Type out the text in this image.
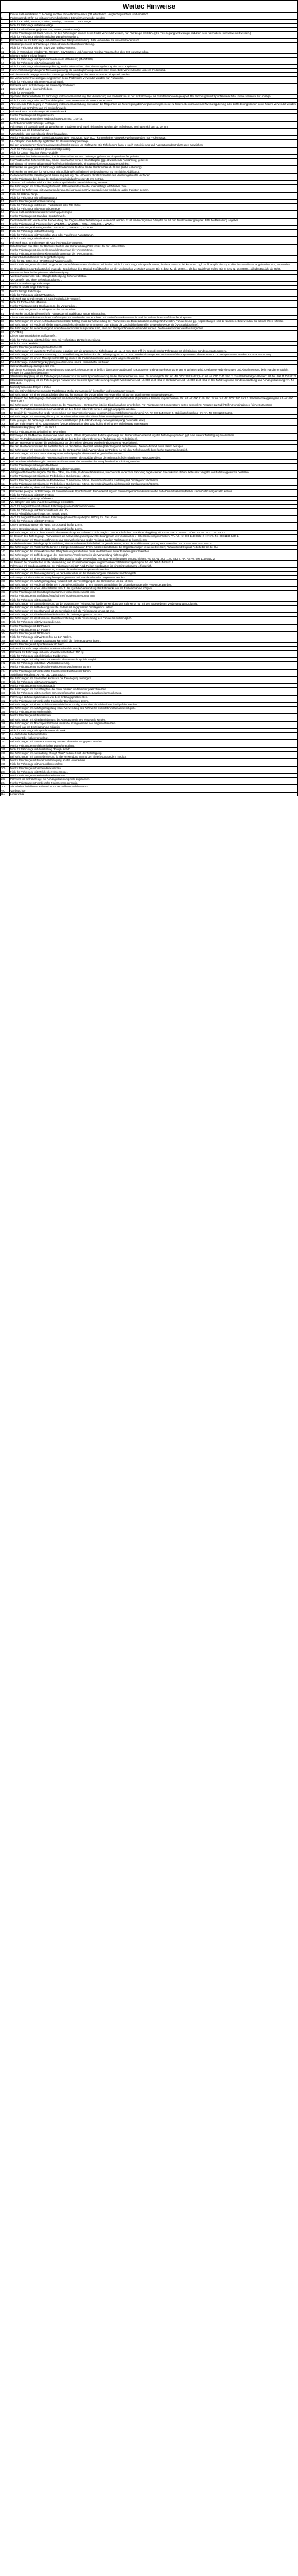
Weitec Hinweise
1	Dieser Satz enthält kein TÜV-Teilegutachten. Eine Abnahme nach §21 erforderlich. Vergleichsgutachten sind erhältlich.
2	Federnsatz dient für nur mit ausreichend gekürzten Dämpfern verwendet werden.
3	Nicht für Kombi-, Variant-, Turnier-, Touring-, Caravan-, ... Fahrzeuge.
4	Nicht für Fahrzeuge mit Klimaanlage.
5	Nicht für Allradfahrzeuge (4WD, 4x4, 4Matic, 4Motion usw.)
6	Nur für Fahrzeuge mit Stahl-Achsen. An den Fahrzeugen können keine Feder verwendet werden, nur Fahrzeuge mit Stahl. (Die Tieferlegung wird weniger reduziert sein, wenn diese hier verwendet werden.)
7	Nicht für Fahrzeuge mit elektronischer Dämpfereinstellung.
8	Fahrwerke nur für Fahrzeuge mit elektronischer Dämpfereinstellung. Bitte verwenden Sie unseren Federnsatz.
9	Stoßdämpfer nicht für Fahrzeuge mit elektronischer Dämpfereinstellung.
10	Nicht für Fahrzeuge mit V6 / 26V / 24V und 6G-Motoren.
11	Nicht in Verbindung mit den TDI, TDI 20V / 24V Motoren und / oder mit Achslast Vorderachse über 900 kg verwendbar.
12	Bitte um weitere Info anfragen.
13	Nicht für Fahrzeuge mit Sport-Fahrwerk oder Luftfederung (4MOTION).
14	Nicht für Fahrzeuge mit Audi magnetic ride.
15	Nicht für Fahrzeuge mit Niveauregulierung an der Hinterachse. Eine Niveauregulierung wird nicht angeboten.
16	Nur in Verbindung mit eigener Niveauregulierung, die nachträglich eingebaut werden muss. Bitte verwenden Sie unseren Federnsatz.
17	Bei diesem Fahrzeugtyp muss das Fahrzeug (Tieferlegung) an der Hinterachse neu eingestellt werden.
18	Bei vorhandener Niveauregulierung können keine Federsätze verwendet werden, nur Fahrwerke.
19	Nicht für Fahrzeuge mit Serien-Sportfahrwerk.
20	Fahrwerk nicht für Fahrzeuge mit Serien-Sportfahrwerk.
21	Satz enthält nur 2 Hinterachsfedern.
22	Nicht für V6-Modelle.
23	Spezielle Vorderachsfeder für Fahrzeuge mit Sonderausstattung. Die Verwendung von Federsätzen ist nur für Fahrzeuge mit Standardfahrwerk geeignet. Bei Fahrzeugen mit Sportfahrwerk bitte unsere Hinweise zur Anfrage.
24	Nicht für Fahrzeuge mit Gas/Öl Stoßdämpfern. Bitte verwenden Sie unsere Federsätze.
25	Abweichende Tieferlegung in Verbindung mit Sonderausstattung. Sie haben die Möglichkeit die Tieferlegung den Vorgaben entsprechend zu ändern. Bei vorhandener Niveauregulierung oder Luftfederung können keine Federn verwendet werden.
26	Fahrwerk nur für Fahrzeuge mit Serienfahrwerk.
27	Fahrwerk nicht für Fahrzeuge mit Sportfahrwerk.
28	Nur für Fahrzeuge mit Originalfedern.
29	Nur für Fahrzeuge mit einer Vorderachslast von max. 1100 kg.
30	Lieferbar nur nach vorheriger Anfrage.
31	Fahrzeuge mit Sportfahrwerk ab Werk können mit diesem Fahrwerk tiefergelegt werden, die Tieferlegung verringert sich um ca. 10 mm.
32	Fahrwerk nur mit Einzelabnahme.
33	VW-Modelle sind nur zulässig ohne Klimaanlage.
34	Nur für Fahrzeuge mit den Sportsitzausstattungen "SVCA/CB, TZD, DC0" können keine Fahrwerke verbaut werden, nur Federnsätze.
35	VA-Dämpfer ohne Befestigungsbolzen für Stabilisatorkoppelstange.
36	Bei den angegebenen Tieferlegungswerten handelt es sich um Richtwerte. Die Tieferlegung kann je nach Motorisierung und Ausstattung des Fahrzeuges abweichen.
37	Auch für Fahrzeuge mit DSG (Direktschaltgetriebe).
38	Nicht für CTI/GTI/GLI/ETS/DSG-Modelle.
39	Nur Vorderachse höhenverstellbar, für die Hinterachse werden Tieferlegungsfedern und Sportdämpfer geliefert.
40	Nur Vorderachse höhenverstellbar, für die Hinterachse werden Sportdämpfer (ggf. abweichende Ausführung) geliefert.
41	Bei Einbau mit serienmäßigen Rad-/Reifenkombinationen wird ein Spurverbreiterungssatz empfohlen.
42	Fahrwerke nur geeignet für Fahrzeuge mit Federbeinaufnahme an der Vorderachse ab 45 mm (siehe Abbildung).
43	Fahrwerke nur geeignet für Fahrzeuge mit Stoßdämpferaufnahme / Vorderachse von 51 mm (siehe Abbildung).
44	Geänderter Satz für Fahrzeuge mit Niveauregulierung. Die Höhe wird durch Einstellen des Niveauregelventils verändert.
45	Nur für Fahrzeuge, bei denen der Stoßdämpferhalsdurchmesser 45 mm beträgt.
46	Die max. zul. Achslast wird auf dem Fahrzeugschein der Lasterleichterung vermerkt.
47	Bei Fahrzeugen mit Schlechtwegefahrwerk: Bitte verwenden Sie die unter Anfrage erhältlichen Teile.
48	Fahrwerk für Fahrzeuge mit Niveauregulierung. Bei vorhandener Niveauregulierung wird diese außer Funktion gesetzt.
49	Nicht für Cabrio / Targa.
50	Nicht für Fahrzeuge mit Vollausstattung.
51	Nur für Fahrzeuge mit Vollausstattung.
52	Nicht für Fahrzeuge mit Diesel-, Turbodiesel oder TDI-Motor.
53	Nicht für Fahrzeuge mit Automatikgetriebe.
54	Dieser Satz enthält keine verstärkten Koppelstangen.
55	Nur für Fahrzeuge mit Standard-Sportfahrwerk.
56	Der Fahrwerkssatz wurde unter Beibehaltung des Original-Dämpferhalteringes verwendet werden. Er ist für die originalen Dämpfer mit 50 mm Durchmesser geeignet. Bitte bei Bestellung angeben.
57	Nur für Fahrzeuge ab Fahrgestellnr.: WV1ZZZ..., WV2ZZZ..., W0L..., W0L000..., WVW...
58	Nur für Fahrzeuge ab Fahrgestellnr.: 7000001 ..., 7000000 ..., 7000001 ...
59	Nicht für Fahrzeuge mit Luftfederung.
60	Nicht für Fahrzeuge mit "Schlechte Weg oder Fun-/Cross-Ausstattung".
61	Nicht für Fahrzeuge mit Allradantrieb.
62	Fahrwerk nicht für Fahrzeuge mit ABS (Anti-Blockier-System).
63	Bitte beachten Sie, dass der Radausschnitt an der Vorderachse größer ist als der der Hinterachse.
64	Nur für Fahrzeuge mit einem Kleinmodulmotoren an der VA von 50mm.
65	Nur für Fahrzeuge mit einem Kleinmodulmotoren an der VA von 55mm.
66	Hinterachs-Stoßdämpfer mit Auge/Befestigung.
67	Nicht für GL, GRM, GLI, GR/GRI und Wagenmodelle.
68	Nur für Fahrzeuge mit ab Fabrik eingebauter Serienfahrwerks-Rad-/Reifen-Kombination. Nicht für Fahrzeuge mit Sportfahrwerk, da diese sonst zu tief kommen. Ggf. Stoßdämpfer des Typs, die über Stabilisator angebunden sind, verwenden.
69	Im Grenzbereich der Belastbarkeit muss die Beschriftung des Original-Stoßdämpfers an der Vorderachse verändert werden: Die D. bzw. M. ab 10000 ... gilt das Baujahr ab 05/95. Die E. bzw. N. ab 10000 ... gilt das Baujahr ab 06/96.
70	Nur mit Vorderachsdämpfer mit Gabelbefestigung.
71	Vorderachsfederteller oder Dämpferbefestigung höhenverstellbar.
72	VA-Dämpfer sind ohne Befestigungsflansch.
73	Nur für 3- und 5-türige Fahrzeuge.
74	Nur für 4- und 5-türige Fahrzeuge.
75	Nur für 5türige Fahrzeuge.
76	Nicht für Fahrzeuge mit SZV-Motoren.
77	Fahrwerk nur für Fahrzeuge mit ABS (Anti-Blockier-System).
78	Nicht für Turbo- / DSL-Motoren.
79	Nur für Fahrzeuge mit 2 Domlagern an der Vorderachse.
80	Nur für Fahrzeuge mit 4 Domlagern an der Vorderachse.
81	Fahrwerke (Stoßdämpfer) nicht für Fahrzeuge mit Stabilisator an der Hinterachse.
82	Dieser Satz enthält keine vorderen Stoßdämpfer. Es werden die Vorderachsen mit Serienfahrwerk verwendet und die vorhandenen Stoßdämpfer eingesetzt.
83	Bei Fahrzeugen mit einem Achslastunterschied über 100 kg muss zur Verwendung der Fahrwerke eine Einzelabnahme durchgeführt werden. Fahrwerk und ggf. Koppelstangen sind zu tauschen. Bitte wenden Sie sich an Ihren Händler.
84	Bei Fahrzeugen mit Vorderachsfederträger/Dämpferkombination 47mm müssen zum Einbau die Originaldomlagerteller verwendet werden (TÜV-Einzelabnahme).
85	Bei Fahrzeugen die serienmäßig mit einem Niveaudämpfer ausgestattet sind, kann nur das Sportfahrwerk verwendet werden. Die Niveaudämpfer werden ausgebaut.
86	(VARTEC)
87	Dieser Satz enthält keine Stoßdämpfer.
88	Nicht für Fahrzeuge mit Modelljahr 2004 mit verfestigten 16" Serienbereifung.
89	Nicht für "SVR" Modelle.
90	Nur für Fahrzeuge mit kompletten Federsatz.
91	Bei Fahrzeugen mit erweiterter Tieferlegung reduziert sich die angegebene Tieferlegung um ca. 10 mm. Dies trifft im besonderen für Fahrzeuge mit elektrischen Sonderausstattungen zu.
92	Bei Fahrzeugen mit Sonderausstattung, z.B. Standheizung, reduziert sich die Tieferlegung um ca. 10 mm. Sonderfahrzeuge wie Behindertenfahrzeuge müssen die Federn vor Ort nachgemessen werden. Erhöhte Ausführung.
93	Bei Fahrzeugen mit einem Motorgewicht >300 kg können die Federn hinten und auch vorne abgesenkt werden.
94	Die Fahrzeuge (mit Anhängerkupplung) werden vorne um ca. 10 mm tiefer als hinten.
95	Satz umfasst Koppelstangen 420 mm.
96	Bei dieser Kombination ist die Verwendung von Spurverbreiterungen erforderlich, damit der Radabstand zu Karosserie und Fahrwerkskomponenten eingehalten wird. Geeignete Verbreiterungen und Abnahmen sind beim Händler erhältlich. Hinweis im Gutachten beachten!
97	Stabilisator-Kopplung ist am Tieferlegungs-Fahrwerk nur mit einer Spurverbreiterung an der Vorderachse von mind. 20 mm möglich: SA: Art.-Nr. 000 1140 Satz 2; HA: Art.-Nr. 000 1140 Satz 2. Zusatzliche Felgen / Reifen: Art.-Nr. 000 1140 Satz 2.
98	Stabilisator-Kopplung ist am Tieferlegungs-Fahrwerk nur mit einer Spurverbreiterung möglich: Vorderachse: Art.-Nr. 000 1140 Satz 2; Hinterachse: Art.-Nr. 000 1140 Satz 2. Bei Fahrzeugen mit Sonderausstattung und Anhängerkupplung: Art.-Nr. 000 1140.
99	Nur mit passenden Felgen / Reifen.
100	Bei einer Einzelabnahme muss der Radabstand (Felge zu Karosserie) kontrolliert und eingetragen werden.
101	Bei Fahrzeugen mit einer Vorderachslast über 950 kg muss an der Vorderachse ein Federteller mit 60 mm Durchmesser verwendet werden.
102	Im Bereich des Tieferlegungs-Fahrwerks ist die Verwendung von Spurverbreiterungen an der Vorderachse (Spurweite + 20 mm) vorgeschrieben: VA: Art.-Nr. 000 1140 Satz 2 / HA: Art.-Nr. 000 1140 Satz 2. Stabilisator-Kopplung mit Art.-Nr. 000 1140 Satz 2.
103	Bei Fahrzeugen mit Spurverbreiterungen an der Vorderachse / Hinterachse ist eine Einzelabnahme erforderlich. Für Fahrzeuge mit Sonderrädern gelten gesonderte Angaben zu Rad-/Reifen-Kombinationen (siehe Gutachten).
104	Bei den VA-Federn müssen die Lochabstände an den Tellern überprüft werden und ggf. angepasst werden.
105	Im Bereich der Vorderachse ist die Verwendung von Spurverbreiterungen vorgeschrieben: Stabilisatorkopplung mit Art.-Nr. 000 1140 Satz 2, Stabilisatorkopplung HA: Art.-Nr. 000 1140 Satz 2.
106	Bei Fahrzeugen mit Niveauregulierung an der Hinterachse muss der Niveaufühler neu eingestellt werden.
107	Nicht geeignet für Fahrzeuge mit schweren Ausstattungen (z.B. Standheizung, Anhängerkupplung, Automatik usw.).
108	Bei den Fahrzeugen mit G, 6062-Motoren (Vorderachsgewicht über 1150 kg) ist eine höhere Tieferlegung zu erwarten.
109	Stabilisator-Kopplung: 000 1140 Satz 2.
110	Nur für Fahrzeuge mit zylindrischen HA-Federn.
111	Fahrzeuge mit V6-Motoren haben vorne einen um ca. 20mm abgesenkten Fahrzeugschwerpunkt. Daher ist bei Verwendung der Tieferlegungsfedern ggf. eine höhere Tieferlegung zu erwarten.
112	Bei den VA-Federn müssen die Lochabstände an den Tellern überprüft werden (Fahrzeuge mit Federbeinen).
113	Bei den HA-Federn müssen die Lochabstände an den Tellern überprüft werden (Fahrzeuge mit Federbeinen).
114	Bei den HA-Federn müssen die Lochabstände an den Tellern überprüft werden (Fahrzeuge mit Federbeinen). Dieser Abstand muss 10mm betragen.
115	Bei Fahrzeugen mit Spurverbreiterungen an der Hinterachse ist die Verwendung der Federn nur mit den Tieferlegungsfedern (siehe Gutachten) möglich.
116	Bei Fahrzeugen mit ABS muss eine separate Befestigung für die ABS-Kabel geschaffen werden.
117	Bei der Hinterachsfederung im Hinterachsrahmen müssen die Stoßdämpfer an den Hinterachsfedermitnehmern versetzt werden.
118	Bei der Hinterachsfederung im Hinterachsrahmen muss das Verstellen der Dämpferteller berücksichtigt werden.
119	Nur für Fahrzeuge mit langem Radstand.
120	Nur für Fahrzeuge bis 2,3l Diesel oder Turbodiesel-Motoren.
121	Achsgewicht/Gewichtsangabe: Der SA-, GBV-, Six-Stahl-, Rahmenstabilisatoren, welche nicht in der zum Fahrzeug zugelassenen Spezifikation stehen, bitte unter Vorgabe der Fahrzeuggewichte bestellen.
122	Nur für Fahrzeuge mit Hinterachs-Federbeinen Durchmesser 45mm.
123	Nur für Fahrzeuge mit Hinterachs-Federbeinen Durchmesser 50mm. Gewindefahrwerke. Lieferung mit Domlagern 240/250mm.
124	Nur für Fahrzeuge mit Hinterachs-Federbeinen Durchmesser 55mm. Gewindefahrwerke. Lieferung mit Domlagern 240/250mm.
125	Fahrwerk-Lieferung ohne Stabilisatorkoppelstangen.
126	Fahrwerke geeignet für Fahrzeuge mit Serienfahrwerk; Sportfahrwerk. Bei Verwendung von Serien-/Sportfahrwerk müssen die Federbeinaufnahmen (Einbau siehe Gutachten) ersetzt werden.
127	Nicht für Fahrzeuge mit ESP-System.
128	Nur in Verbindung mit Sportfahrwerk.
129	VA-Dämpfer sind nicht in der Gesamtlänge einstellbar.
130	Auch für aufgesetzte und schwere Fahrzeuge (siehe Gutachtenhinweise).
131	Nicht für Fahrzeuge mit Tonnenleisten an der HA.
132	Nur für Allradfahrzeuge (4WD, 4x4, 4Matic usw.).
133	Auch für aufgesetzte und schwere Fahrzeuge (Gewichtsangabe) bis 2800kg zul. Ges.-Gew.
134	Nicht für Fahrzeuge mit ESP-System.
135	Untere Befestigungsöse mit Hülse. Ein Abstandring für 12mm.
136	Untere Befestigungsöse mit Hülse. Ein Abstandring für 14mm.
137	Bei Fahrzeugen mit EDC bzw. EDR ist die Verwendung des Fahrwerks nicht möglich. Vorderachsfedern: Stabilisatorkopplung mit Art.-Nr. 000 1140 Satz 2 / HA: Art.-Nr. 000 1140 Satz 2.
138	Im Bereich des Tieferlegungs-Fahrwerks ist die Verwendung von Spurverbreiterungen an der Vorderachse / Hinterachse vorgeschrieben: VA: Art.-Nr. 000 1140 Satz 2; HA: Art.-Nr. 000 1140 Satz 2.
139	Bei Fahrzeugen mit Motor-Sportfahrwerk und Spurverbreiterung ist der Freigang zu den Radhäusern zu kontrollieren.
140	Um bei maximaler Tieferlegung die Einhaltung der normalen Fahrbahnfreiheit zu gewährleisten, muss die Stabilisator-Kopplung ersetzt werden: VA: Art.-Nr. 000 1140 Satz 2.
141	Bei Fahrzeugen mit Vorderachsfederbein / Dämpferkombination 47mm müssen zum Einbau die Originaldomlager verwendet werden; Fahrwerk mit Original-Federteller an der HA.
142	Bei Fahrzeugen die mit elektronischen Dämpfern ausgestattet sind muss die Elektronik außer Funktion gesetzt werden.
143	Bei Fahrzeugen mit Luftfederung an der Hinterachse / Vorderachse ist die Verwendung nicht möglich.
144	Bei Fahrzeugen mit einer Vorderachslast über 1050 kg ist die Verwendung von Spurverbreiterungen vorgeschrieben: VA: Art.-Nr. 000 1140 Satz 2; HA: Art.-Nr. 000 1140 Satz 2.
145	Im Bereich der Vorderachse ist die Verwendung von Spurverbreiterungen vorgeschrieben: Stabilisatorkopplung mit Art.-Nr. 000 1140 Satz 2.
146	Fahrzeuge mit Sonderausstattung. Bei Fahrzeugen mit 16" Rad-/Reifen-Kombination ist eine Einzelabnahme erforderlich.
147	Bei Fahrzeugen mit Spurverbreiterung müssen die Radschrauben getauscht werden.
148	Bei Fahrzeugen mit Niveauregulierung an der Hinterachse ist die Verwendung des Fahrwerks nicht möglich.
149	Fahrzeuge mit elektronischer Dämpferregelung müssen auf Standarddämpfer umgerüstet werden.
150	Bei Fahrzeugen mit Anhängerkupplung reduziert sich die Tieferlegung an der Hinterachse um ca. 10 mm.
151	Bei Fahrzeugen mit Vorderachsfederbein / Dämpferkombination 47mm müssen zum Einbau die Originaldomlagerteller verwendet werden.
152	Bei Fahrzeugen mit einer Hinterachslast über 1100 kg ist die Verwendung des Fahrwerks nur mit Einzelabnahme möglich.
153	Nur für Fahrzeuge mit Stoßdämpferaufnahme / Vorderachse von 51 mm.
154	Nur für Fahrzeuge mit Stoßdämpferaufnahme / Vorderachse von 55 mm.
155	Nicht für Fahrzeuge mit Sportpaket.
156	Bei Fahrzeugen mit Spurverbreiterung an der Vorderachse / Hinterachse ist die Verwendung des Fahrwerks nur mit den angegebenen Verbreiterungen zulässig.
157	Bei Fahrzeugen mit Luftfederung sind die Federn mit angepassten Domlagern zu liefern.
158	Bei Fahrzeugen mit Sportfahrwerk ab Werk reduziert sich die Tieferlegung um ca. 10 mm.
159	Bei Fahrzeugen mit Allradantrieb reduziert sich die Tieferlegung um ca. 10 mm.
160	Bei Fahrzeugen mit elektronischer Dämpferverstellung ist die Verwendung des Fahrwerks nicht möglich.
161	Nicht für Fahrzeuge mit Niveauregulierung.
162	Nur für Fahrzeuge mit 16" Rädern.
163	Nur für Fahrzeuge mit 17" Rädern.
164	Nur für Fahrzeuge mit 18" Rädern.
165	Nicht für Fahrzeuge mit Winterreifen auf 15" Rädern.
166	Bei Fahrzeugen mit Sonderausstattung kann sich die Tieferlegung verringern.
167	Nur für Fahrzeuge mit Sportfahrwerk ab Werk.
168	Fahrwerk für Fahrzeuge mit einer Vorderachslast bis 1100 kg.
169	Fahrwerk für Fahrzeuge mit einer Vorderachslast über 1100 kg.
170	Nicht für Fahrzeuge mit elektrischer Parkbremse.
171	Bei Fahrzeugen mit adaptivem Fahrwerk ist die Verwendung nicht möglich.
172	Nicht für Fahrzeuge mit aktiver Wankstabilisierung.
173	Nur für Fahrzeuge mit Vorderachs-Federbeinen Durchmesser 50mm.
174	Nur für Fahrzeuge mit Vorderachs-Federbeinen Durchmesser 55mm.
175	Stabilisator-Kopplung: Art.-Nr. 000 1140 Satz 2.
176	Bei Fahrzeugen mit Sportsitzen kann sich die Tieferlegung verringern.
177	Nicht für Fahrzeuge mit Panoramadach.
178	Nur für Fahrzeuge mit Panoramadach.
179	Bei Fahrzeugen mit Stoßdämpfern der Serie müssen die Dämpfer gekürzt werden.
180	Nicht für Fahrzeuge mit Xenonlicht-Scheinwerfern ohne automatische Leuchtweitenregulierung.
181	Fahrzeuge ab Modelljahr müssen vor dem Einbau geprüft werden.
182	Nur für Fahrzeuge mit Vorderachs-Federteller Durchmesser 60mm.
183	Bei Fahrzeugen mit einem Achslastunterschied über 150 kg muss eine Einzelabnahme durchgeführt werden.
184	Bei Fahrzeugen mit Anhängerkupplung ist die Verwendung des Fahrwerks nur mit Einzelabnahme möglich.
185	Nur für Fahrzeuge mit Heckantrieb.
186	Nur für Fahrzeuge mit Frontantrieb.
187	Bei Fahrzeugen mit Allradantrieb muss die Achsgeometrie neu eingestellt werden.
188	Bei Fahrzeugen mit Motorsport-Fahrwerk muss die Achsgeometrie neu eingestellt werden.
189	Fahrwerk nur mit Einzelabnahme zulässig.
190	Nicht für Fahrzeuge mit Sportfahrwerk ab Werk.
191	VA-Federteller höhenverstellbar.
192	HA-Federteller höhenverstellbar.
193	Bei Fahrzeugen mit Sonderausstattung müssen die Federn angepasst werden.
194	Nur für Fahrzeuge mit elektronischer Dämpferregelung.
195	Nicht für Fahrzeuge mit Ausstattung "Rough Road".
196	Bei Fahrzeugen mit Ausstattung "Rough Road" reduziert sich die Tieferlegung.
197	Bei Fahrzeugen mit Spurverbreiterung ist die Verwendung nur mit den Tieferlegungsfedern möglich.
198	Nur für Fahrzeuge mit Einzelradaufhängung an der Hinterachse.
199	Nicht für Fahrzeuge mit Verbundlenkerachse.
200	Nur für Fahrzeuge mit Verbundlenkerachse.
201	Nicht für Fahrzeuge mit Mehrlenker-Hinterachse.
202	Nur für Fahrzeuge mit Mehrlenker-Hinterachse.
203	Fahrwerk ist für Fahrzeuge mit Anhängerkupplung nicht zugelassen.
204	Nur für Fahrzeuge mit Vorderachs-Federbeinen der Serie.
205	Sie erhalten bei diesem Fahrwerk noch verstellbare Stabilisatoren.
VA	Vorderachse
HA	Hinterachse
